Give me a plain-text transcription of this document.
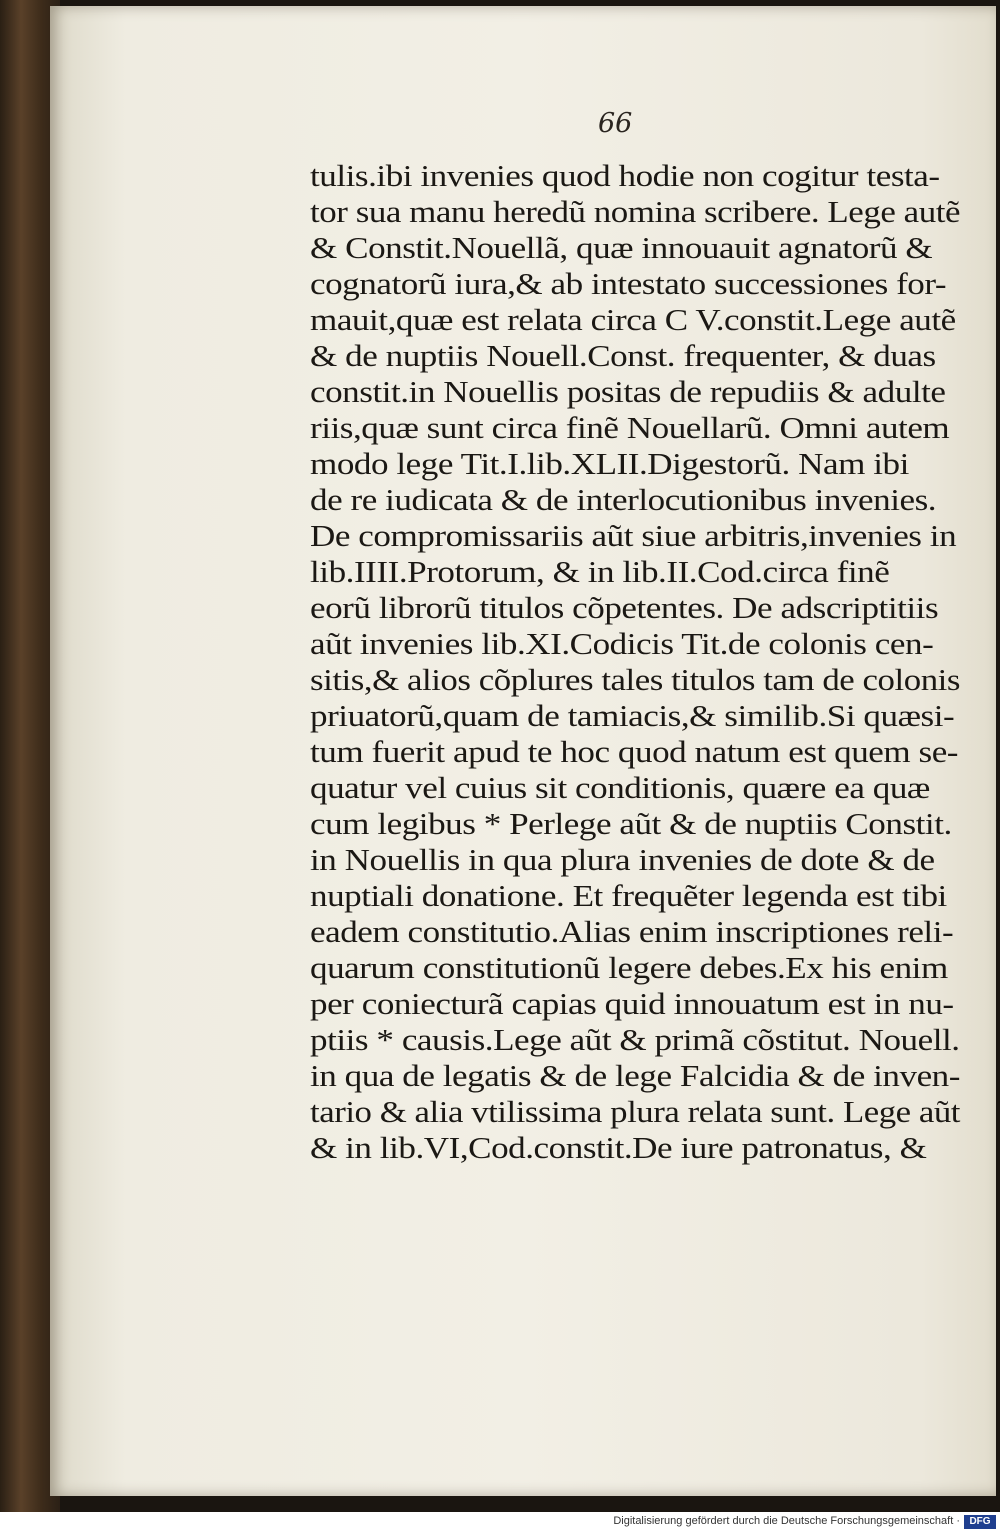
66
tulis.ibi invenies quod hodie non cogitur testa-
tor sua manu heredũ nomina scribere. Lege autẽ
& Constit.Nouellã, quæ innouauit agnatorũ &
cognatorũ iura,& ab intestato successiones for-
mauit,quæ est relata circa C V.constit.Lege autẽ
& de nuptiis Nouell.Const. frequenter, & duas
constit.in Nouellis positas de repudiis & adulte
riis,quæ sunt circa finẽ Nouellarũ. Omni autem
modo lege Tit.I.lib.XLII.Digestorũ. Nam ibi
de re iudicata & de interlocutionibus invenies.
De compromissariis aũt siue arbitris,invenies in
lib.IIII.Protorum, & in lib.II.Cod.circa finẽ
eorũ librorũ titulos cõpetentes. De adscriptitiis
aũt invenies lib.XI.Codicis Tit.de colonis cen-
sitis,& alios cõplures tales titulos tam de colonis
priuatorũ,quam de tamiacis,& similib.Si quæsi-
tum fuerit apud te hoc quod natum est quem se-
quatur vel cuius sit conditionis, quære ea quæ
cum legibus * Perlege aũt & de nuptiis Constit.
in Nouellis in qua plura invenies de dote & de
nuptiali donatione. Et frequẽter legenda est tibi
eadem constitutio.Alias enim inscriptiones reli-
quarum constitutionũ legere debes.Ex his enim
per coniecturã capias quid innouatum est in nu-
ptiis * causis.Lege aũt & primã cõstitut. Nouell.
in qua de legatis & de lege Falcidia & de inven-
tario & alia vtilissima plura relata sunt. Lege aũt
& in lib.VI,Cod.constit.De iure patronatus, &
Digitalisierung gefördert durch die Deutsche Forschungsgemeinschaft · DFG
